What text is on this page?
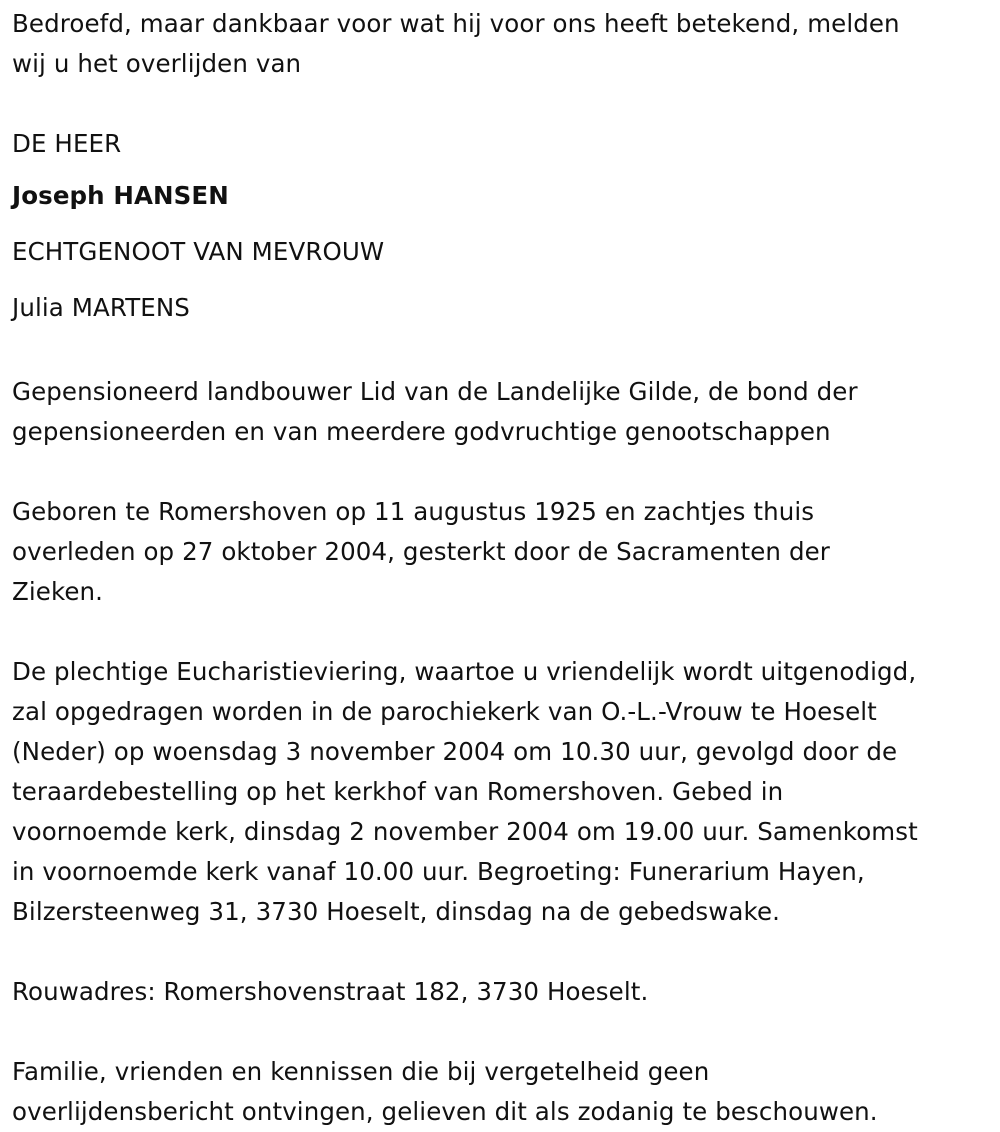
Bedroefd, maar dankbaar voor wat hij voor ons heeft betekend, melden
wij u het overlijden van

DE HEER
Joseph HANSEN
ECHTGENOOT VAN MEVROUW
Julia MARTENS

Gepensioneerd landbouwer Lid van de Landelijke Gilde, de bond der
gepensioneerden en van meerdere godvruchtige genootschappen

Geboren te Romershoven op 11 augustus 1925 en zachtjes thuis
overleden op 27 oktober 2004, gesterkt door de Sacramenten der
Zieken.

De plechtige Eucharistieviering, waartoe u vriendelijk wordt uitgenodigd,
zal opgedragen worden in de parochiekerk van O.-L.-Vrouw te Hoeselt
(Neder) op woensdag 3 november 2004 om 10.30 uur, gevolgd door de
teraardebestelling op het kerkhof van Romershoven. Gebed in
voornoemde kerk, dinsdag 2 november 2004 om 19.00 uur. Samenkomst
in voornoemde kerk vanaf 10.00 uur. Begroeting: Funerarium Hayen,
Bilzersteenweg 31, 3730 Hoeselt, dinsdag na de gebedswake.

Rouwadres: Romershovenstraat 182, 3730 Hoeselt.

Familie, vrienden en kennissen die bij vergetelheid geen
overlijdensbericht ontvingen, gelieven dit als zodanig te beschouwen.
